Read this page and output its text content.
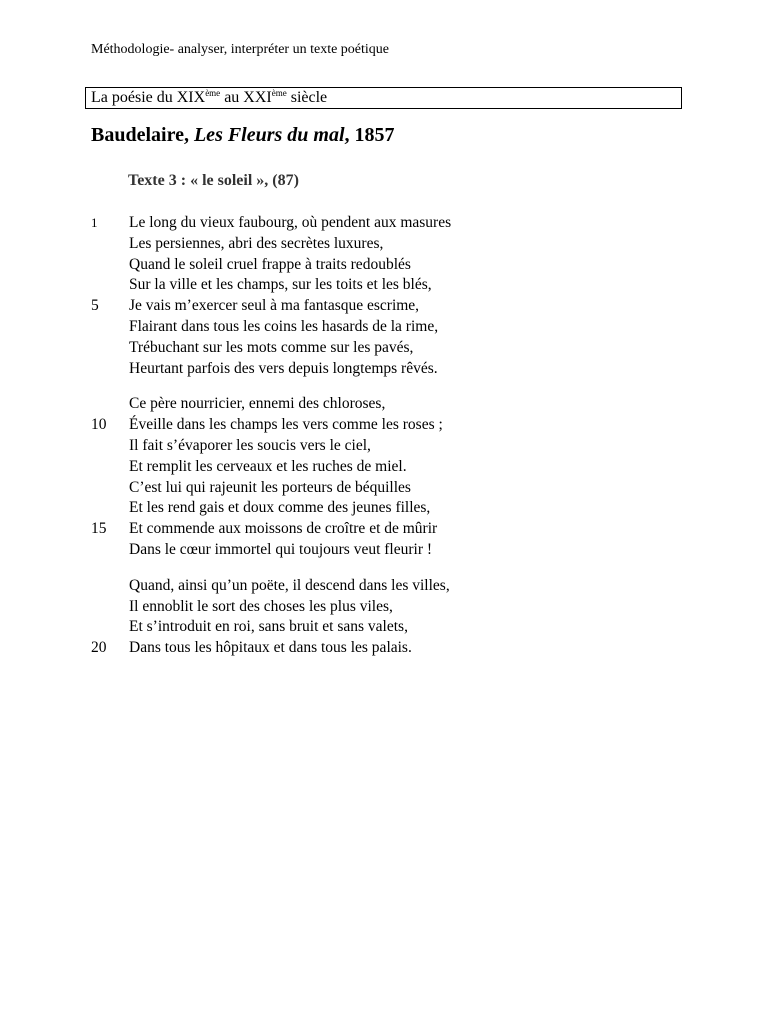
Méthodologie- analyser, interpréter un texte poétique
La poésie du XIXème au XXIème siècle
Baudelaire, Les Fleurs du mal, 1857
Texte 3 : « le soleil », (87)
1 Le long du vieux faubourg, où pendent aux masures
Les persiennes, abri des secrètes luxures,
Quand le soleil cruel frappe à traits redoublés
Sur la ville et les champs, sur les toits et les blés,
5 Je vais m’exercer seul à ma fantasque escrime,
Flairant dans tous les coins les hasards de la rime,
Trébuchant sur les mots comme sur les pavés,
Heurtant parfois des vers depuis longtemps rêvés.
Ce père nourricier, ennemi des chloroses,
10 Éveille dans les champs les vers comme les roses ;
Il fait s’évaporer les soucis vers le ciel,
Et remplit les cerveaux et les ruches de miel.
C’est lui qui rajeunit les porteurs de béquilles
Et les rend gais et doux comme des jeunes filles,
15 Et commende aux moissons de croître et de mûrir
Dans le cœur immortel qui toujours veut fleurir !
Quand, ainsi qu’un poëte, il descend dans les villes,
Il ennoblit le sort des choses les plus viles,
Et s’introduit en roi, sans bruit et sans valets,
20 Dans tous les hôpitaux et dans tous les palais.
